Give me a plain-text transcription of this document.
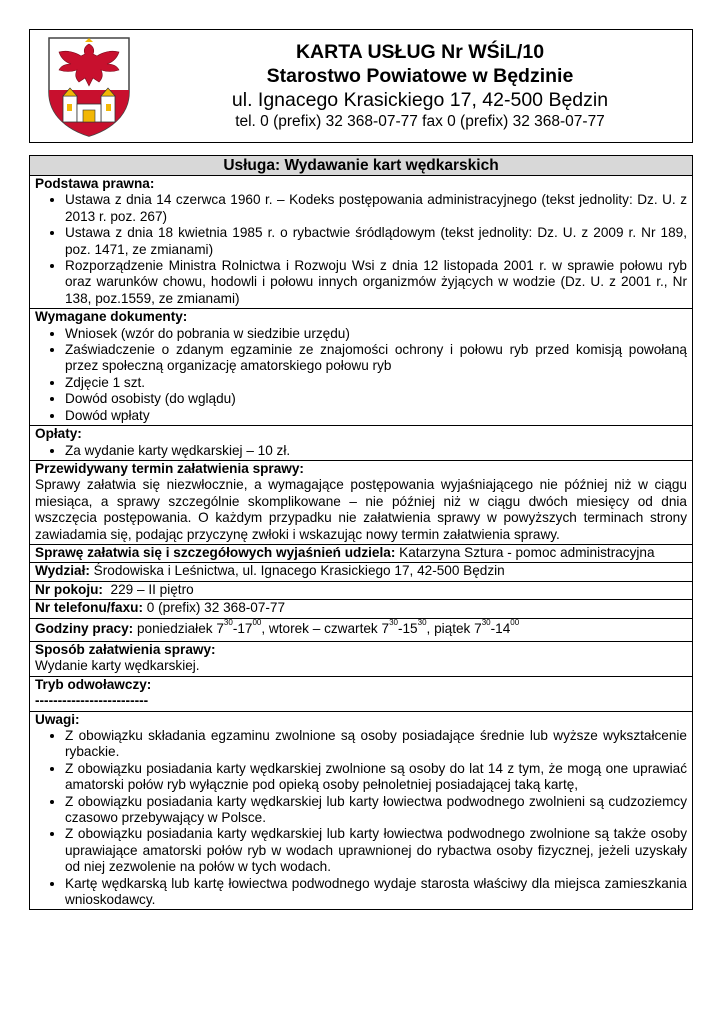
KARTA USŁUG Nr WŚiL/10
Starostwo Powiatowe w Będzinie
ul. Ignacego Krasickiego 17, 42-500 Będzin
tel. 0 (prefix) 32 368-07-77 fax 0 (prefix) 32 368-07-77
Usługa: Wydawanie kart wędkarskich
Podstawa prawna:
• Ustawa z dnia 14 czerwca 1960 r. – Kodeks postępowania administracyjnego (tekst jednolity: Dz. U. z 2013 r. poz. 267)
• Ustawa z dnia 18 kwietnia 1985 r. o rybactwie śródlądowym (tekst jednolity: Dz. U. z 2009 r. Nr 189, poz. 1471, ze zmianami)
• Rozporządzenie Ministra Rolnictwa i Rozwoju Wsi z dnia 12 listopada 2001 r. w sprawie połowu ryb oraz warunków chowu, hodowli i połowu innych organizmów żyjących w wodzie (Dz. U. z 2001 r., Nr 138, poz.1559, ze zmianami)
Wymagane dokumenty:
• Wniosek (wzór do pobrania w siedzibie urzędu)
• Zaświadczenie o zdanym egzaminie ze znajomości ochrony i połowu ryb przed komisją powołaną przez społeczną organizację amatorskiego połowu ryb
• Zdjęcie 1 szt.
• Dowód osobisty (do wglądu)
• Dowód wpłaty
Opłaty:
• Za wydanie karty wędkarskiej – 10 zł.
Przewidywany termin załatwienia sprawy:
Sprawy załatwia się niezwłocznie, a wymagające postępowania wyjaśniającego nie później niż w ciągu miesiąca, a sprawy szczególnie skomplikowane – nie później niż w ciągu dwóch miesięcy od dnia wszczęcia postępowania. O każdym przypadku nie załatwienia sprawy w powyższych terminach strony zawiadamia się, podając przyczynę zwłoki i wskazując nowy termin załatwienia sprawy.
Sprawę załatwia się i szczegółowych wyjaśnień udziela: Katarzyna Sztura - pomoc administracyjna
Wydział: Środowiska i Leśnictwa, ul. Ignacego Krasickiego 17, 42-500 Będzin
Nr pokoju:  229 – II piętro
Nr telefonu/faxu: 0 (prefix) 32 368-07-77
Godziny pracy: poniedziałek $7^{30}-17^{00}$, wtorek – czwartek $7^{30}-15^{30}$, piątek $7^{30}-14^{00}$
Sposób załatwienia sprawy:
Wydanie karty wędkarskiej.
Tryb odwoławczy:
-------------------------
Uwagi:
• Z obowiązku składania egzaminu zwolnione są osoby posiadające średnie lub wyższe wykształcenie rybackie.
• Z obowiązku posiadania karty wędkarskiej zwolnione są osoby do lat 14 z tym, że mogą one uprawiać amatorski połów ryb wyłącznie pod opieką osoby pełnoletniej posiadającej taką kartę,
• Z obowiązku posiadania karty wędkarskiej lub karty łowiectwa podwodnego zwolnieni są cudzoziemcy czasowo przebywający w Polsce.
• Z obowiązku posiadania karty wędkarskiej lub karty łowiectwa podwodnego zwolnione są także osoby uprawiające amatorski połów ryb w wodach uprawnionej do rybactwa osoby fizycznej, jeżeli uzyskały od niej zezwolenie na połów w tych wodach.
• Kartę wędkarską lub kartę łowiectwa podwodnego wydaje starosta właściwy dla miejsca zamieszkania wnioskodawcy.
